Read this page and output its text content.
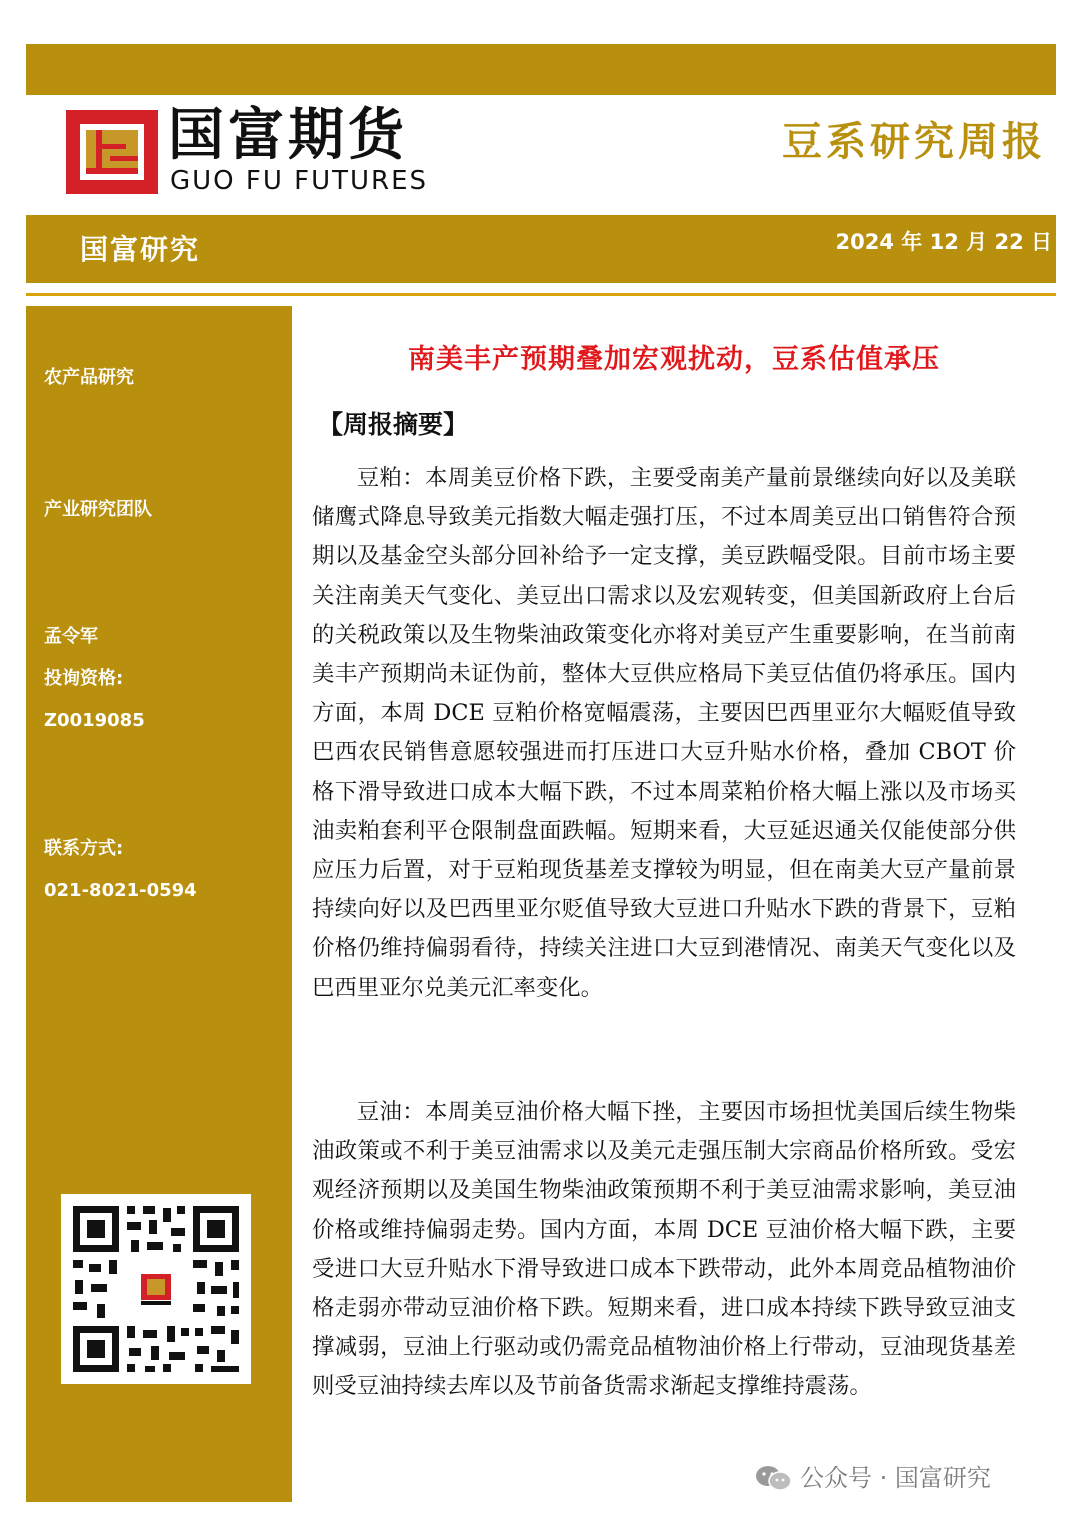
国富期货
GUO FU FUTURES
豆系研究周报
国富研究	2024 年 12 月 22 日
农产品研究
产业研究团队
孟令军
投询资格:
Z0019085
联系方式:
021-8021-0594
南美丰产预期叠加宏观扰动，豆系估值承压
【周报摘要】

豆粕：本周美豆价格下跌，主要受南美产量前景继续向好以及美联储鹰式降息导致美元指数大幅走强打压，不过本周美豆出口销售符合预期以及基金空头部分回补给予一定支撑，美豆跌幅受限。目前市场主要关注南美天气变化、美豆出口需求以及宏观转变，但美国新政府上台后的关税政策以及生物柴油政策变化亦将对美豆产生重要影响，在当前南美丰产预期尚未证伪前，整体大豆供应格局下美豆估值仍将承压。国内方面，本周 DCE 豆粕价格宽幅震荡，主要因巴西里亚尔大幅贬值导致巴西农民销售意愿较强进而打压进口大豆升贴水价格，叠加 CBOT 价格下滑导致进口成本大幅下跌，不过本周菜粕价格大幅上涨以及市场买油卖粕套利平仓限制盘面跌幅。短期来看，大豆延迟通关仅能使部分供应压力后置，对于豆粕现货基差支撑较为明显，但在南美大豆产量前景持续向好以及巴西里亚尔贬值导致大豆进口升贴水下跌的背景下，豆粕价格仍维持偏弱看待，持续关注进口大豆到港情况、南美天气变化以及巴西里亚尔兑美元汇率变化。

豆油：本周美豆油价格大幅下挫，主要因市场担忧美国后续生物柴油政策或不利于美豆油需求以及美元走强压制大宗商品价格所致。受宏观经济预期以及美国生物柴油政策预期不利于美豆油需求影响，美豆油价格或维持偏弱走势。国内方面，本周 DCE 豆油价格大幅下跌，主要受进口大豆升贴水下滑导致进口成本下跌带动，此外本周竞品植物油价格走弱亦带动豆油价格下跌。短期来看，进口成本持续下跌导致豆油支撑减弱，豆油上行驱动或仍需竞品植物油价格上行带动，豆油现货基差则受豆油持续去库以及节前备货需求渐起支撑维持震荡。

公众号 · 国富研究
